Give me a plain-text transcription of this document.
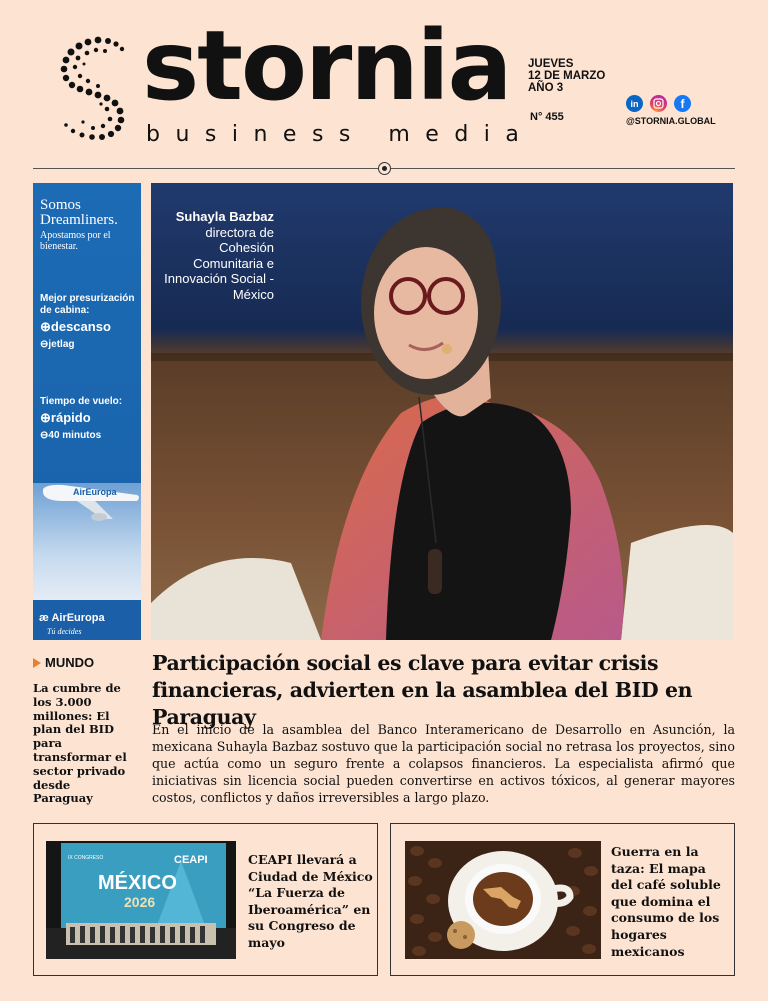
stornia
business media
JUEVES
12 DE MARZO
AÑO 3
N° 455
in	f
@STORNIA.GLOBAL
Somos Dreamliners.
Apostamos por el bienestar.
Mejor presurización de cabina:
⊕descanso
⊖jetlag
Tiempo de vuelo:
⊕rápido
⊖40 minutos
AirEuropa
æ AirEuropa
Tú decides
Suhayla Bazbaz
directora de Cohesión Comunitaria e Innovación Social - México
MUNDO
La cumbre de los 3.000 millones: El plan del BID para transformar el sector privado desde Paraguay
Participación social es clave para evitar crisis financieras, advierten en la asamblea del BID en Paraguay
En el inicio de la asamblea del Banco Interamericano de Desarrollo en Asunción, la mexicana Suhayla Bazbaz sostuvo que la participación social no retrasa los proyectos, sino que actúa como un seguro frente a colapsos financieros. La especialista afirmó que iniciativas sin licencia social pueden convertirse en activos tóxicos, al generar mayores costos, conflictos y daños irreversibles a largo plazo.
IX CONGRESO	CEAPI
MÉXICO
2026
CEAPI llevará a Ciudad de México “La Fuerza de Iberoamérica” en su Congreso de mayo
Guerra en la taza: El mapa del café soluble que domina el consumo de los hogares mexicanos
